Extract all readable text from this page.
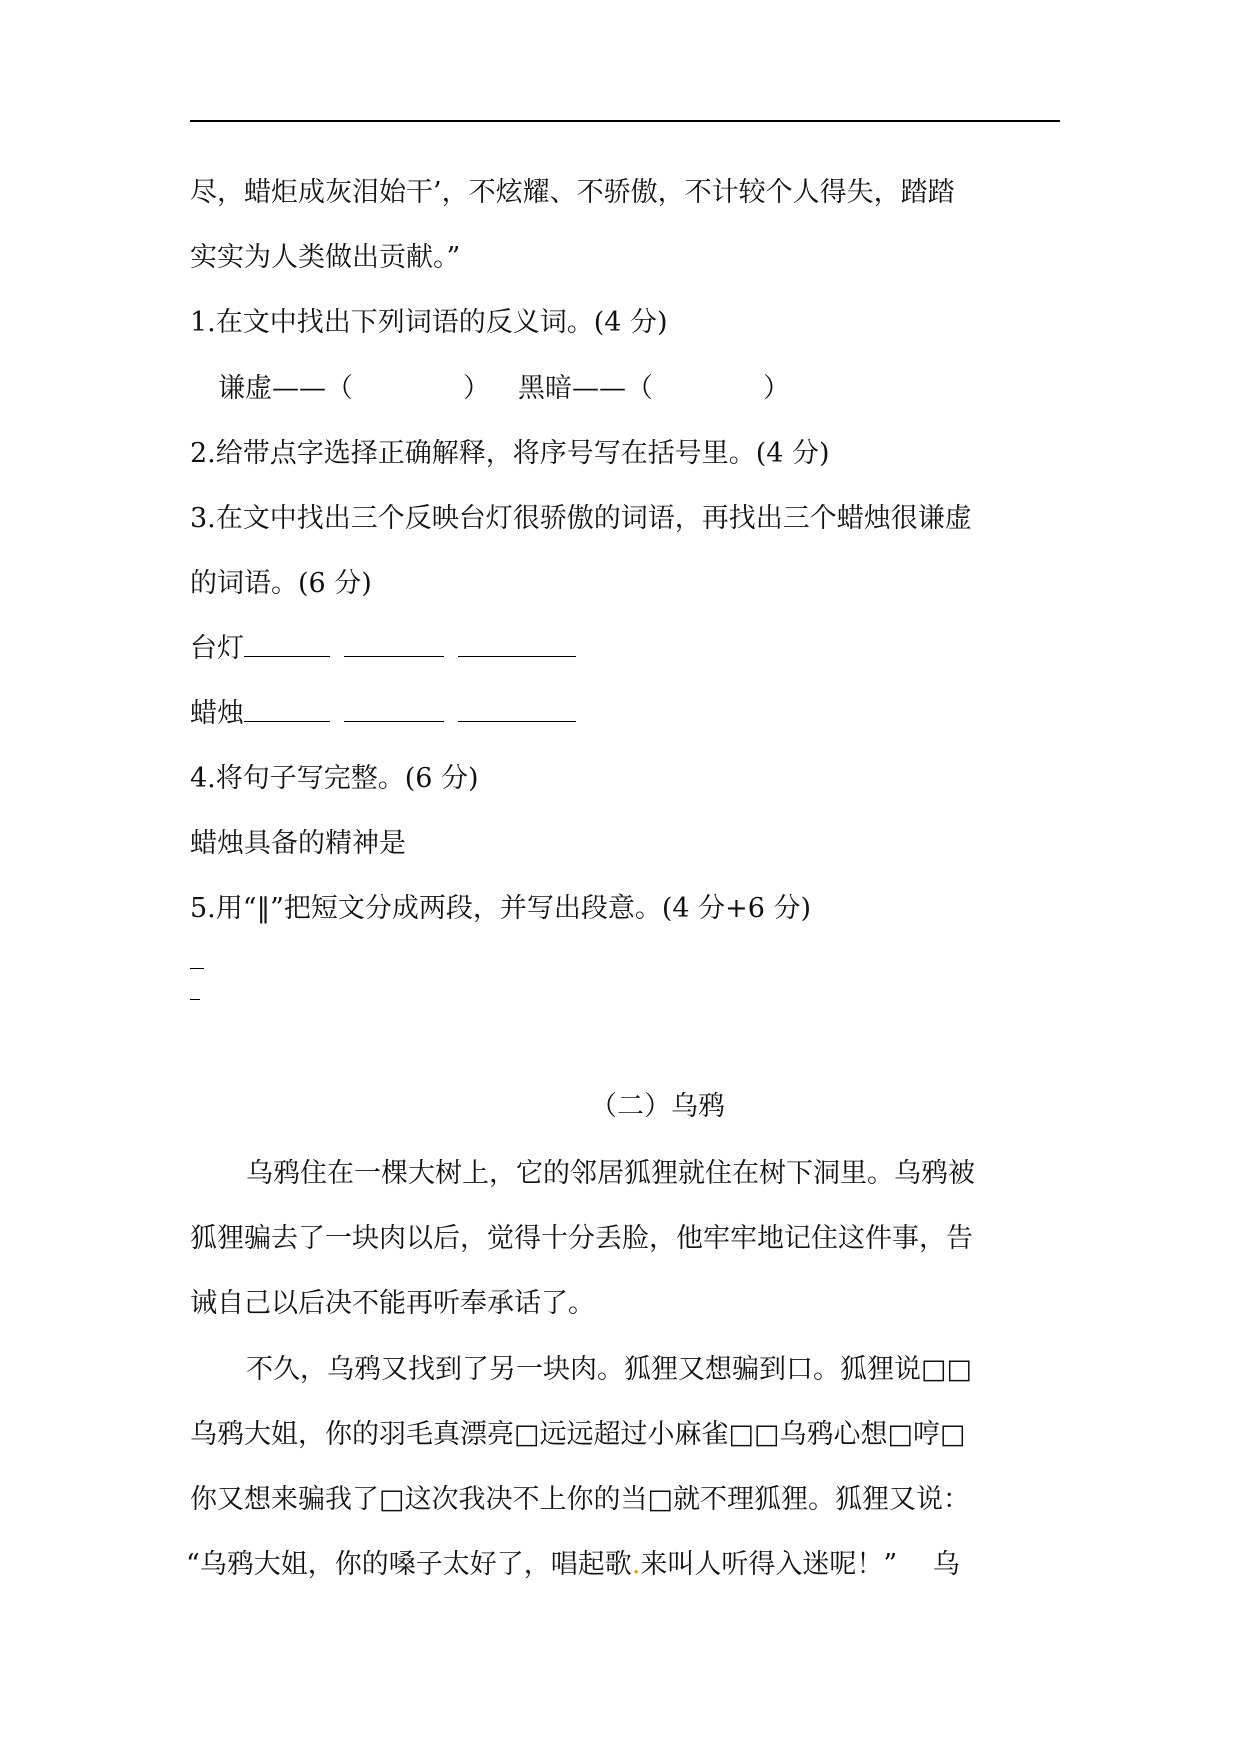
尽，蜡炬成灰泪始干’，不炫耀、不骄傲，不计较个人得失，踏踏
实实为人类做出贡献。”
1.在文中找出下列词语的反义词。(4 分)
谦虚——（	） 黑暗——（	）
2.给带点字选择正确解释，将序号写在括号里。(4 分)
3.在文中找出三个反映台灯很骄傲的词语，再找出三个蜡烛很谦虚
的词语。(6 分)
台灯
蜡烛
4.将句子写完整。(6 分)
蜡烛具备的精神是
5.用“‖”把短文分成两段，并写出段意。(4 分+6 分)
（二）乌鸦
乌鸦住在一棵大树上，它的邻居狐狸就住在树下洞里。乌鸦被
狐狸骗去了一块肉以后，觉得十分丢脸，他牢牢地记住这件事，告
诫自己以后决不能再听奉承话了。
不久，乌鸦又找到了另一块肉。狐狸又想骗到口。狐狸说□□
乌鸦大姐，你的羽毛真漂亮□远远超过小麻雀□□乌鸦心想□哼□
你又想来骗我了□这次我决不上你的当□就不理狐狸。狐狸又说：
“乌鸦大姐，你的嗓子太好了，唱起歌.来叫人听得入迷呢！”　 乌
